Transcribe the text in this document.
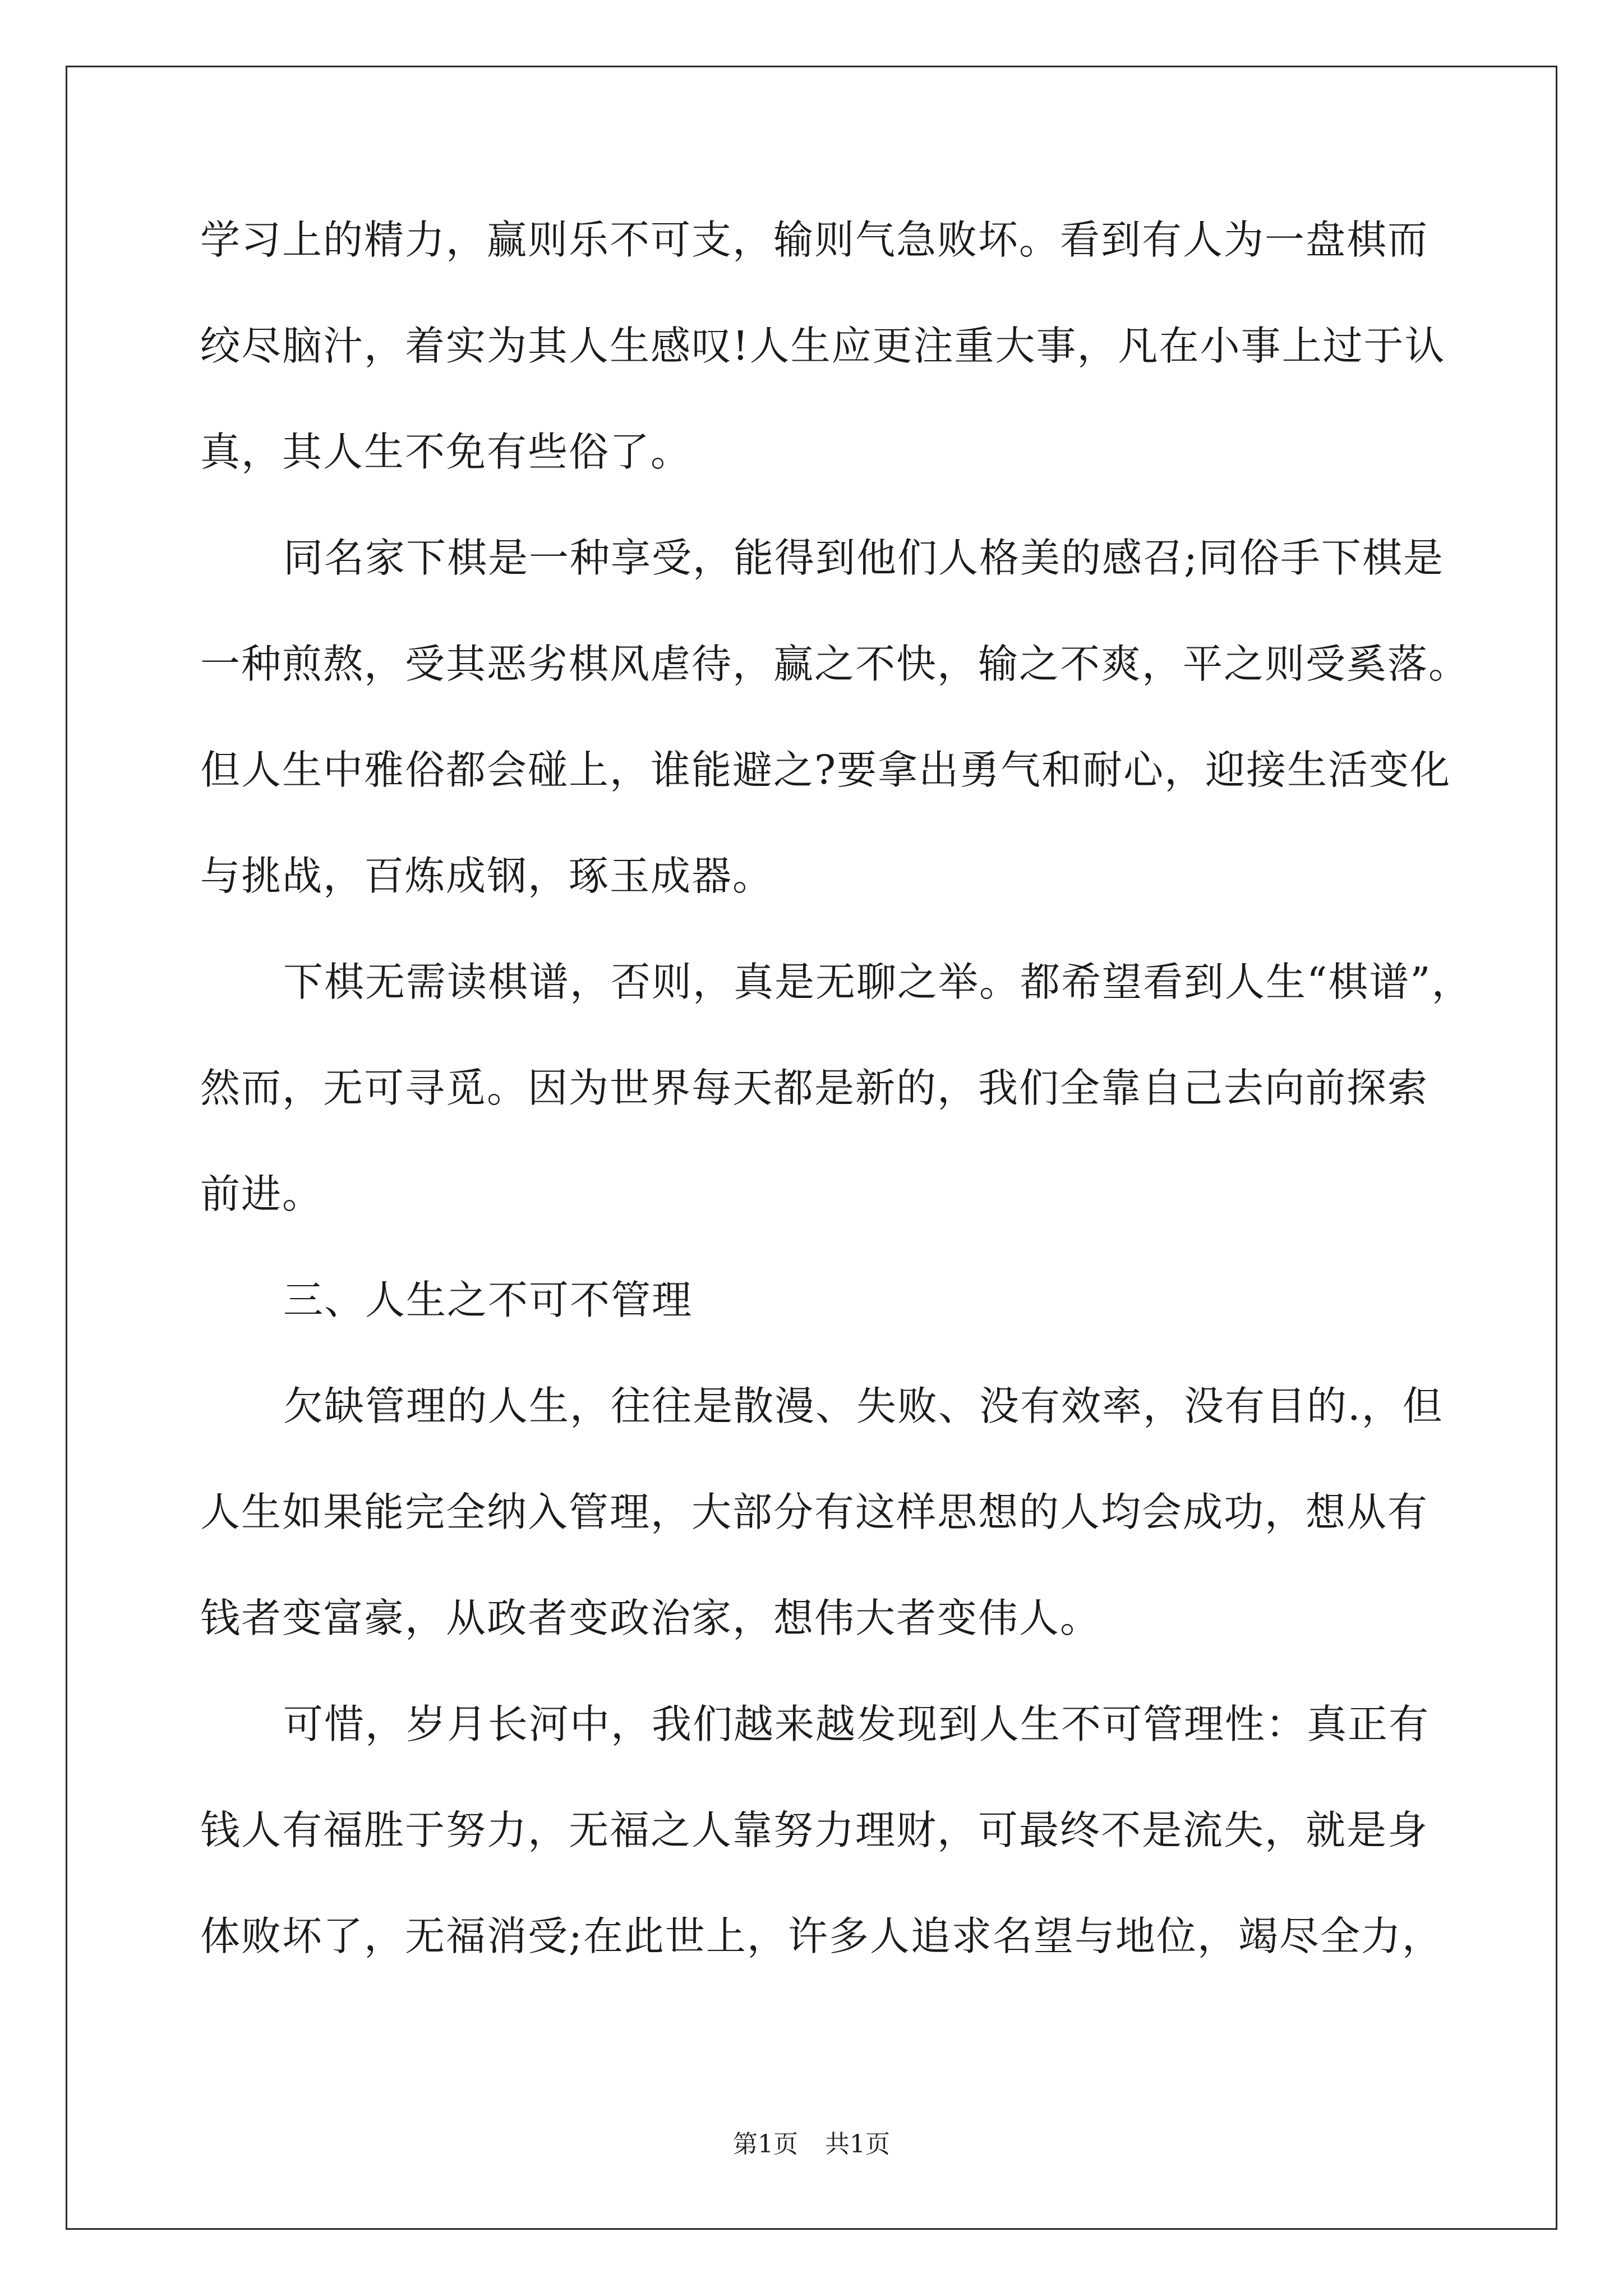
学习上的精力，赢则乐不可支，输则气急败坏。看到有人为一盘棋而
绞尽脑汁，着实为其人生感叹!人生应更注重大事，凡在小事上过于认
真，其人生不免有些俗了。
同名家下棋是一种享受，能得到他们人格美的感召;同俗手下棋是
一种煎熬，受其恶劣棋风虐待，赢之不快，输之不爽，平之则受奚落。
但人生中雅俗都会碰上，谁能避之?要拿出勇气和耐心，迎接生活变化
与挑战，百炼成钢，琢玉成器。
下棋无需读棋谱，否则，真是无聊之举。都希望看到人生“棋谱”，
然而，无可寻觅。因为世界每天都是新的，我们全靠自己去向前探索
前进。
三、人生之不可不管理
欠缺管理的人生，往往是散漫、失败、没有效率，没有目的.，但
人生如果能完全纳入管理，大部分有这样思想的人均会成功，想从有
钱者变富豪，从政者变政治家，想伟大者变伟人。
可惜，岁月长河中，我们越来越发现到人生不可管理性：真正有
钱人有福胜于努力，无福之人靠努力理财，可最终不是流失，就是身
体败坏了，无福消受;在此世上，许多人追求名望与地位，竭尽全力，
第1页 共1页
